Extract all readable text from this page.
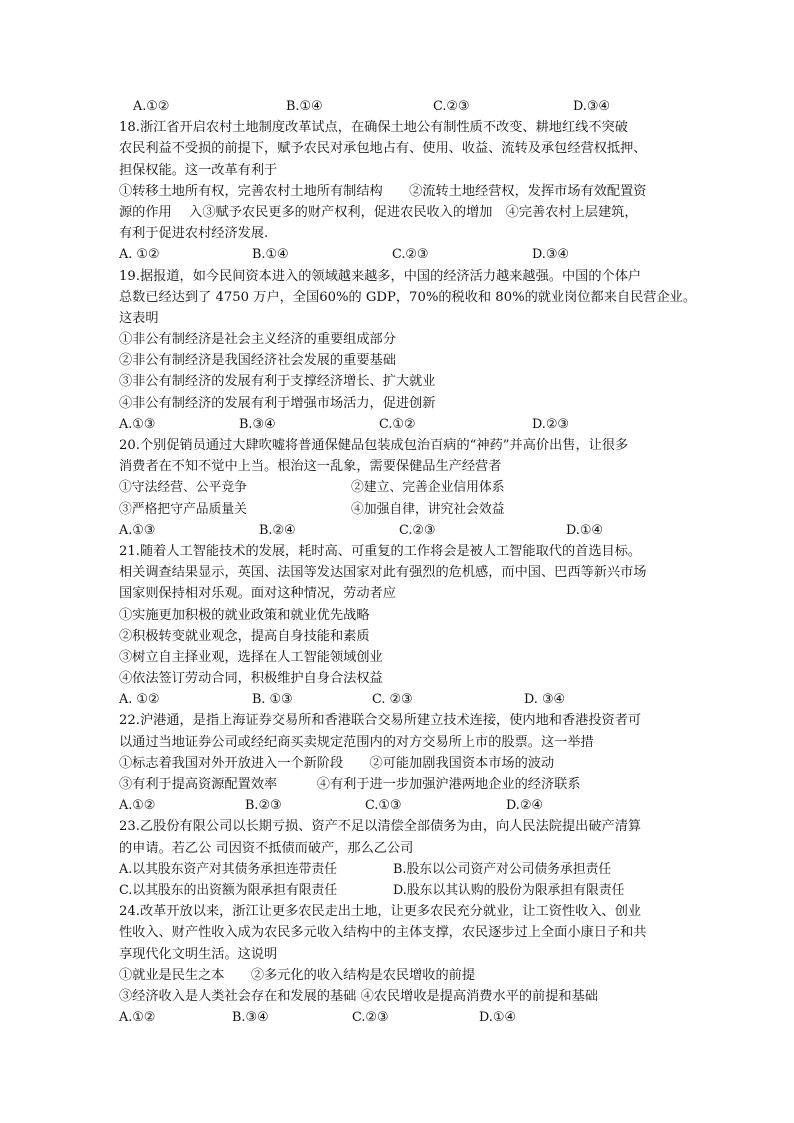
A.①②	B.①④	C.②③	D.③④
18.浙江省开启农村土地制度改革试点，在确保土地公有制性质不改变、耕地红线不突破
农民利益不受损的前提下，赋予农民对承包地占有、使用、收益、流转及承包经营权抵押、
担保权能。这一改革有利于
①转移土地所有权，完善农村土地所有制结构　　②流转土地经营权，发挥市场有效配置资
源的作用　 入③赋予农民更多的财产权利，促进农民收入的增加　④完善农村上层建筑，
有利于促进农村经济发展.
A. ①②	B.①④	C.②③	D.③④
19.据报道，如今民间资本进入的领域越来越多，中国的经济活力越来越强。中国的个体户
总数已经达到了 4750 万户，全国60%的 GDP，70%的税收和 80%的就业岗位都来自民营企业。
这表明
①非公有制经济是社会主义经济的重要组成部分
②非公有制经济是我国经济社会发展的重要基础
③非公有制经济的发展有利于支撑经济增长、扩大就业
④非公有制经济的发展有利于增强市场活力，促进创新
A.①③	B.③④	C.①②	D.②③
20.个别促销员通过大肆吹嘘将普通保健品包装成包治百病的“神药”并高价出售，让很多
消费者在不知不觉中上当。根治这一乱象，需要保健品生产经营者
①守法经营、公平竞争	②建立、完善企业信用体系
③严格把守产品质量关	④加强自律，讲究社会效益
A.①③	B.②④	C.②③	D.①④
21.随着人工智能技术的发展，耗时高、可重复的工作将会是被人工智能取代的首选目标。
相关调查结果显示，英国、法国等发达国家对此有强烈的危机感，而中国、巴西等新兴市场
国家则保持相对乐观。面对这种情况，劳动者应
①实施更加积极的就业政策和就业优先战略
②积极转变就业观念，提高自身技能和素质
③树立自主择业观，选择在人工智能领域创业
④依法签订劳动合同，积极维护自身合法权益
A. ①②	B. ①③	C. ②③	D. ③④
22.沪港通，是指上海证券交易所和香港联合交易所建立技术连接，使内地和香港投资者可
以通过当地证券公司或经纪商买卖规定范围内的对方交易所上市的股票。这一举措
①标志着我国对外开放进入一个新阶段　　②可能加剧我国资本市场的波动
③有利于提高资源配置效率　　　④有利于进一步加强沪港两地企业的经济联系
A.①②	B.②③	C.①③	D.②④
23.乙股份有限公司以长期亏损、资产不足以清偿全部债务为由，向人民法院提出破产清算
的申请。若乙公 司因资不抵债而破产，那么乙公司
A.以其股东资产对其债务承担连带责任	B.股东以公司资产对公司债务承担责任
C.以其股东的出资额为限承担有限责任	D.股东以其认购的股份为限承担有限责任
24.改革开放以来，浙江让更多农民走出土地，让更多农民充分就业，让工资性收入、创业
性收入、财产性收入成为农民多元收入结构中的主体支撑，农民逐步过上全面小康日子和共
享现代化文明生活。这说明
①就业是民生之本　　②多元化的收入结构是农民增收的前提
③经济收入是人类社会存在和发展的基础 ④农民增收是提高消费水平的前提和基础
A.①②	B.③④	C.②③	D.①④
